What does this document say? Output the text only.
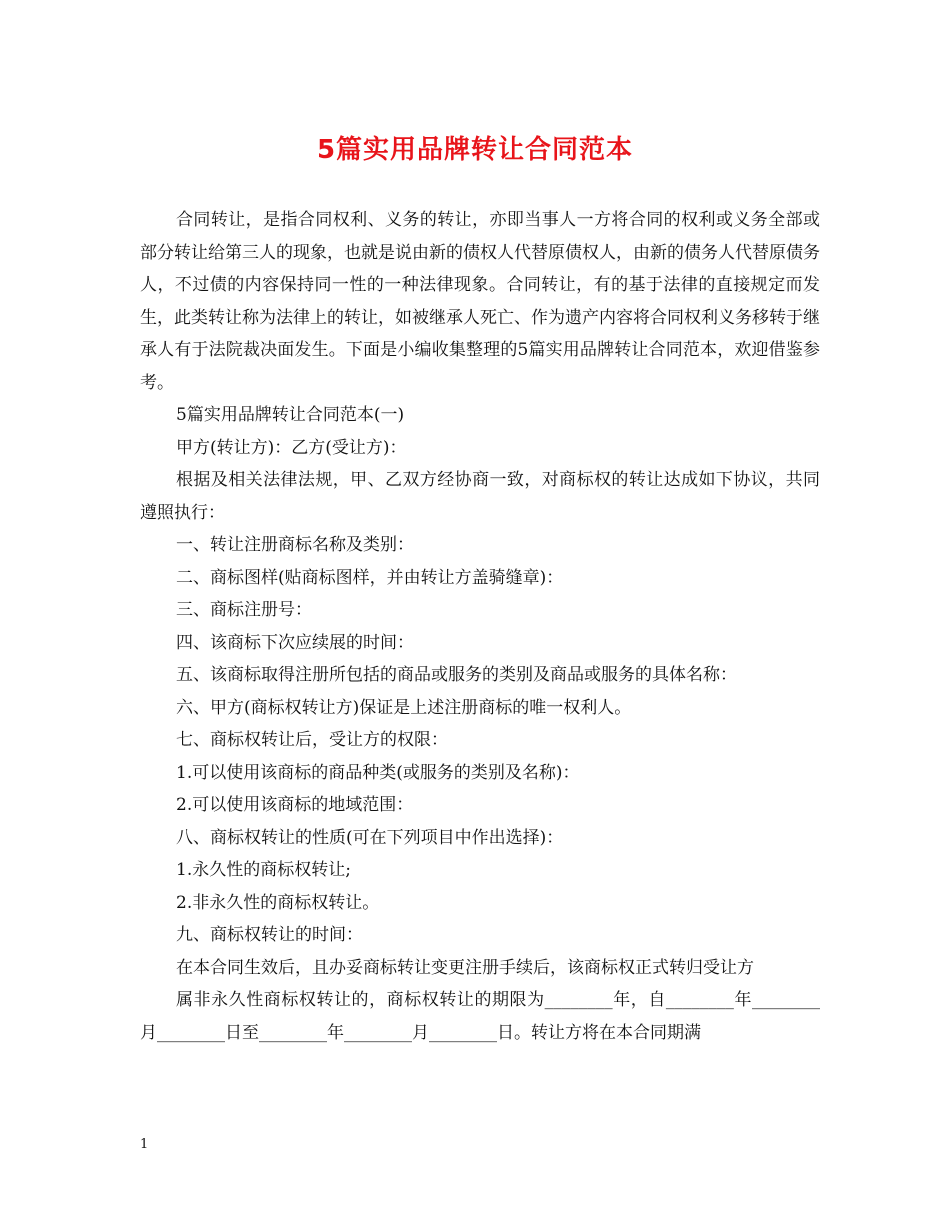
5篇实用品牌转让合同范本

合同转让，是指合同权利、义务的转让，亦即当事人一方将合同的权利或义务全部或部分转让给第三人的现象，也就是说由新的债权人代替原债权人，由新的债务人代替原债务人，不过债的内容保持同一性的一种法律现象。合同转让，有的基于法律的直接规定而发生，此类转让称为法律上的转让，如被继承人死亡、作为遗产内容将合同权利义务移转于继承人有于法院裁决面发生。下面是小编收集整理的5篇实用品牌转让合同范本，欢迎借鉴参考。

5篇实用品牌转让合同范本(一)

甲方(转让方)：乙方(受让方)：

根据及相关法律法规，甲、乙双方经协商一致，对商标权的转让达成如下协议，共同遵照执行：

一、转让注册商标名称及类别：

二、商标图样(贴商标图样，并由转让方盖骑缝章)：

三、商标注册号：

四、该商标下次应续展的时间：

五、该商标取得注册所包括的商品或服务的类别及商品或服务的具体名称：

六、甲方(商标权转让方)保证是上述注册商标的唯一权利人。

七、商标权转让后，受让方的权限：

1.可以使用该商标的商品种类(或服务的类别及名称)：

2.可以使用该商标的地域范围：

八、商标权转让的性质(可在下列项目中作出选择)：

1.永久性的商标权转让;

2.非永久性的商标权转让。

九、商标权转让的时间：

在本合同生效后，且办妥商标转让变更注册手续后，该商标权正式转归受让方

属非永久性商标权转让的，商标权转让的期限为________年，自________年________月________日至________年________月________日。转让方将在本合同期满

1
